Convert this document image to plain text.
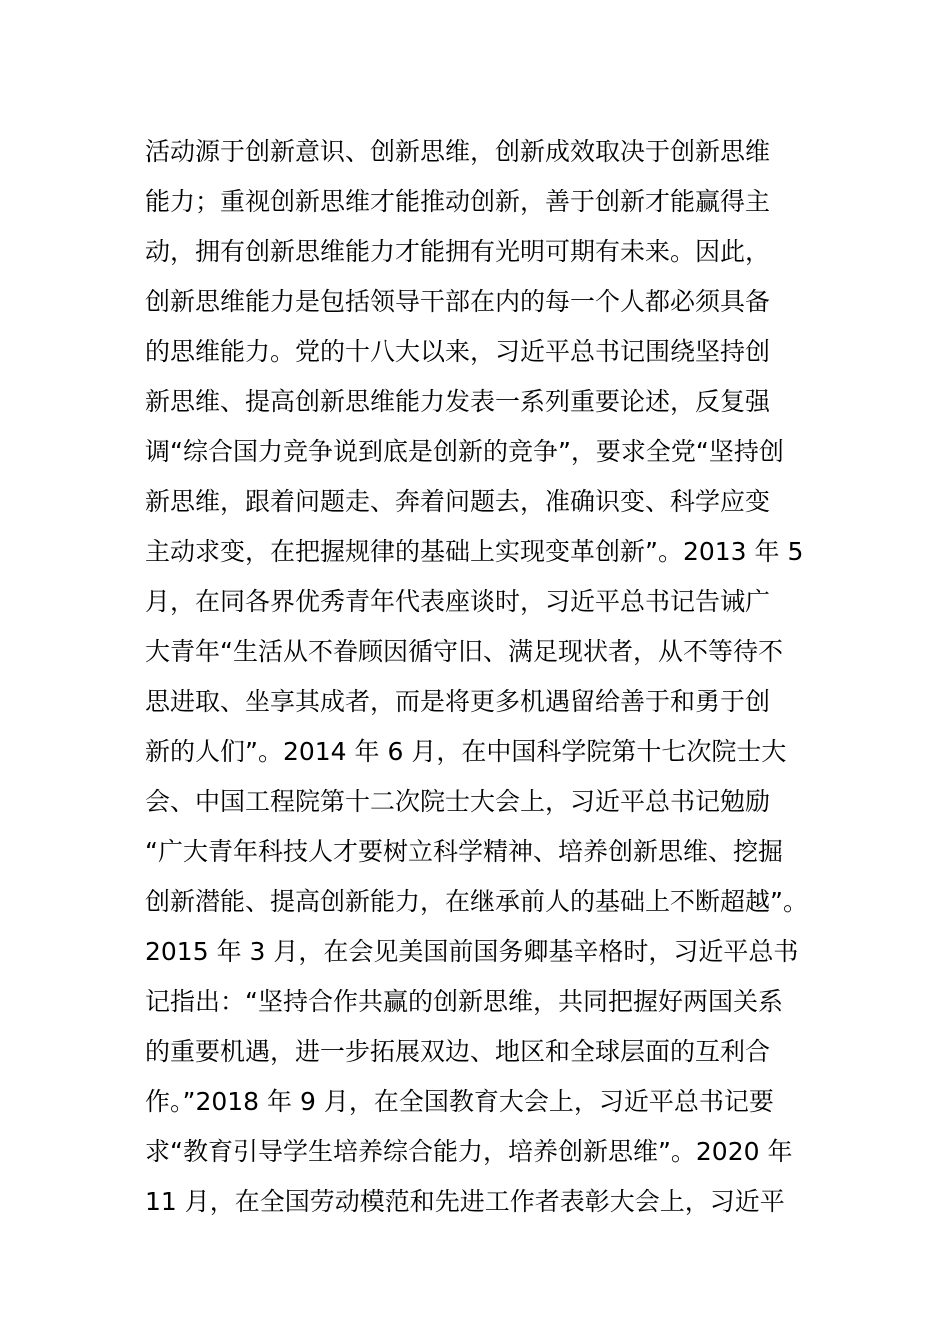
活动源于创新意识、创新思维，创新成效取决于创新思维
能力；重视创新思维才能推动创新，善于创新才能赢得主
动，拥有创新思维能力才能拥有光明可期有未来。因此，
创新思维能力是包括领导干部在内的每一个人都必须具备
的思维能力。党的十八大以来，习近平总书记围绕坚持创
新思维、提高创新思维能力发表一系列重要论述，反复强
调“综合国力竞争说到底是创新的竞争”，要求全党“坚持创
新思维，跟着问题走、奔着问题去，准确识变、科学应变
主动求变，在把握规律的基础上实现变革创新”。2013 年 5
月，在同各界优秀青年代表座谈时，习近平总书记告诫广
大青年“生活从不眷顾因循守旧、满足现状者，从不等待不
思进取、坐享其成者，而是将更多机遇留给善于和勇于创
新的人们”。2014 年 6 月，在中国科学院第十七次院士大
会、中国工程院第十二次院士大会上，习近平总书记勉励
“广大青年科技人才要树立科学精神、培养创新思维、挖掘
创新潜能、提高创新能力，在继承前人的基础上不断超越”。
2015 年 3 月，在会见美国前国务卿基辛格时，习近平总书
记指出：“坚持合作共赢的创新思维，共同把握好两国关系
的重要机遇，进一步拓展双边、地区和全球层面的互利合
作。”2018 年 9 月，在全国教育大会上，习近平总书记要
求“教育引导学生培养综合能力，培养创新思维”。2020 年
11 月，在全国劳动模范和先进工作者表彰大会上，习近平
